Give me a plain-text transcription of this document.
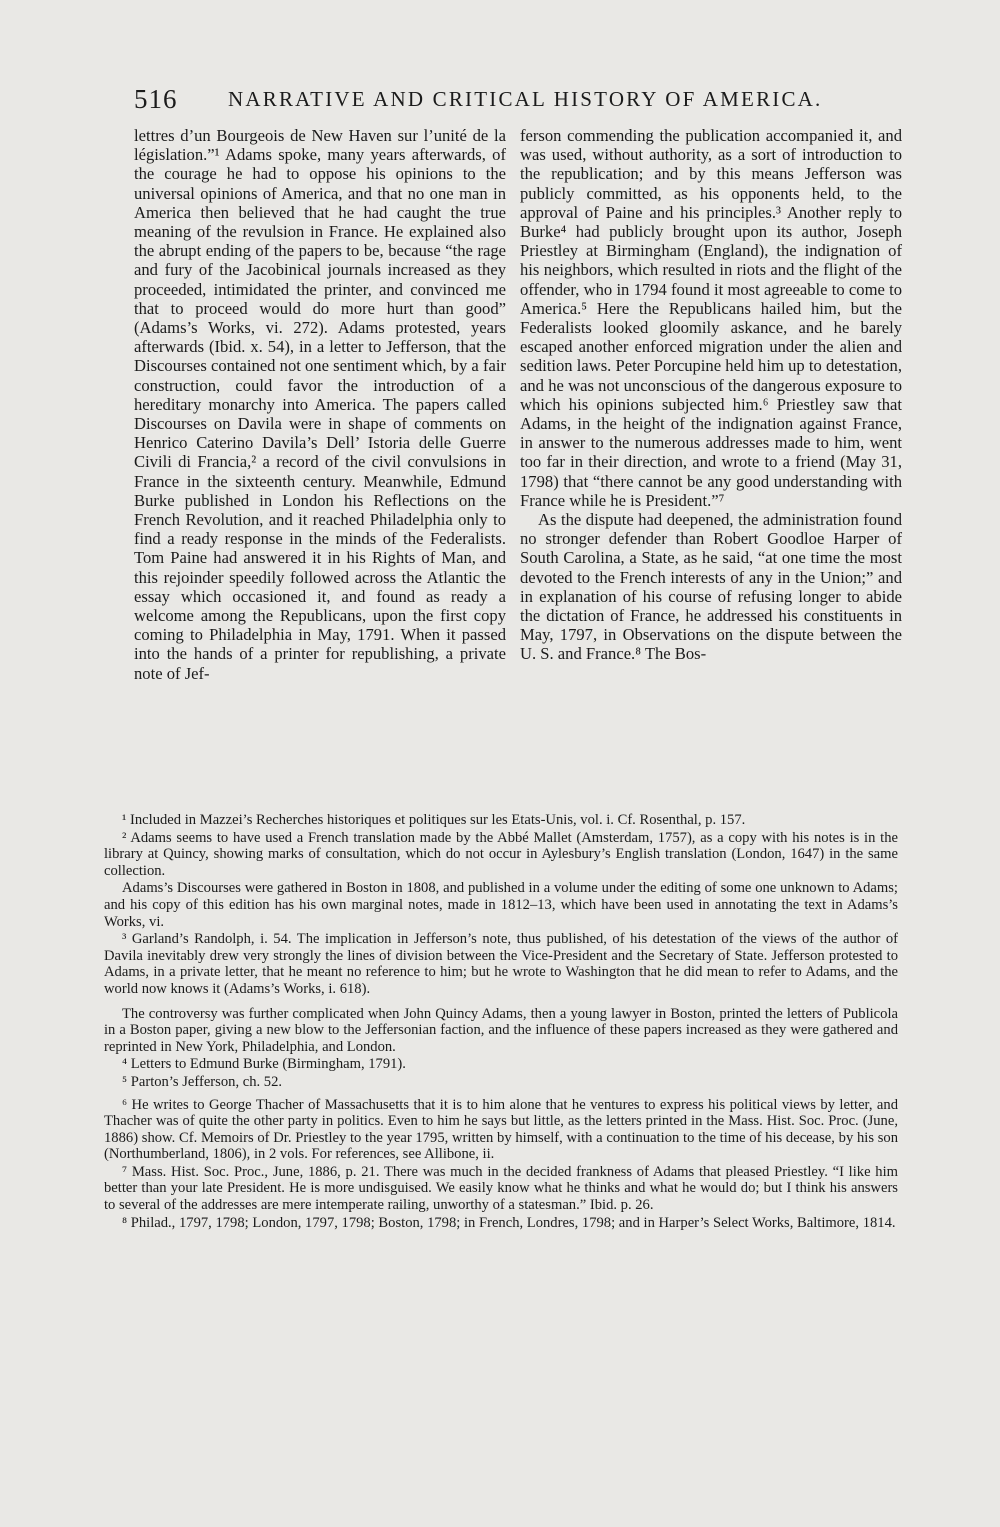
516 NARRATIVE AND CRITICAL HISTORY OF AMERICA.

lettres d’un Bourgeois de New Haven sur l’unité de la législation.”¹ Adams spoke, many years afterwards, of the courage he had to oppose his opinions to the universal opinions of America, and that no one man in America then believed that he had caught the true meaning of the revulsion in France. He explained also the abrupt ending of the papers to be, because “the rage and fury of the Jacobinical journals increased as they proceeded, intimidated the printer, and convinced me that to proceed would do more hurt than good” (Adams’s Works, vi. 272). Adams protested, years afterwards (Ibid. x. 54), in a letter to Jefferson, that the Discourses contained not one sentiment which, by a fair construction, could favor the introduction of a hereditary monarchy into America. The papers called Discourses on Davila were in shape of comments on Henrico Caterino Davila’s Dell’ Istoria delle Guerre Civili di Francia,² a record of the civil convulsions in France in the sixteenth century. Meanwhile, Edmund Burke published in London his Reflections on the French Revolution, and it reached Philadelphia only to find a ready response in the minds of the Federalists. Tom Paine had answered it in his Rights of Man, and this rejoinder speedily followed across the Atlantic the essay which occasioned it, and found as ready a welcome among the Republicans, upon the first copy coming to Philadelphia in May, 1791. When it passed into the hands of a printer for republishing, a private note of Jef-

ferson commending the publication accompanied it, and was used, without authority, as a sort of introduction to the republication; and by this means Jefferson was publicly committed, as his opponents held, to the approval of Paine and his principles.³ Another reply to Burke⁴ had publicly brought upon its author, Joseph Priestley at Birmingham (England), the indignation of his neighbors, which resulted in riots and the flight of the offender, who in 1794 found it most agreeable to come to America.⁵ Here the Republicans hailed him, but the Federalists looked gloomily askance, and he barely escaped another enforced migration under the alien and sedition laws. Peter Porcupine held him up to detestation, and he was not unconscious of the dangerous exposure to which his opinions subjected him.⁶ Priestley saw that Adams, in the height of the indignation against France, in answer to the numerous addresses made to him, went too far in their direction, and wrote to a friend (May 31, 1798) that “there cannot be any good understanding with France while he is President.”⁷

As the dispute had deepened, the administration found no stronger defender than Robert Goodloe Harper of South Carolina, a State, as he said, “at one time the most devoted to the French interests of any in the Union;” and in explanation of his course of refusing longer to abide the dictation of France, he addressed his constituents in May, 1797, in Observations on the dispute between the U. S. and France.⁸ The Bos-

¹ Included in Mazzei’s Recherches historiques et politiques sur les Etats-Unis, vol. i. Cf. Rosenthal, p. 157.

² Adams seems to have used a French translation made by the Abbé Mallet (Amsterdam, 1757), as a copy with his notes is in the library at Quincy, showing marks of consultation, which do not occur in Aylesbury’s English translation (London, 1647) in the same collection.

Adams’s Discourses were gathered in Boston in 1808, and published in a volume under the editing of some one unknown to Adams; and his copy of this edition has his own marginal notes, made in 1812–13, which have been used in annotating the text in Adams’s Works, vi.

³ Garland’s Randolph, i. 54. The implication in Jefferson’s note, thus published, of his detestation of the views of the author of Davila inevitably drew very strongly the lines of division between the Vice-President and the Secretary of State. Jefferson protested to Adams, in a private letter, that he meant no reference to him; but he wrote to Washington that he did mean to refer to Adams, and the world now knows it (Adams’s Works, i. 618).

The controversy was further complicated when John Quincy Adams, then a young lawyer in Boston, printed the letters of Publicola in a Boston paper, giving a new blow to the Jeffersonian faction, and the influence of these papers increased as they were gathered and reprinted in New York, Philadelphia, and London.

⁴ Letters to Edmund Burke (Birmingham, 1791).

⁵ Parton’s Jefferson, ch. 52.

⁶ He writes to George Thacher of Massachusetts that it is to him alone that he ventures to express his political views by letter, and Thacher was of quite the other party in politics. Even to him he says but little, as the letters printed in the Mass. Hist. Soc. Proc. (June, 1886) show. Cf. Memoirs of Dr. Priestley to the year 1795, written by himself, with a continuation to the time of his decease, by his son (Northumberland, 1806), in 2 vols. For references, see Allibone, ii.

⁷ Mass. Hist. Soc. Proc., June, 1886, p. 21. There was much in the decided frankness of Adams that pleased Priestley. “I like him better than your late President. He is more undisguised. We easily know what he thinks and what he would do; but I think his answers to several of the addresses are mere intemperate railing, unworthy of a statesman.” Ibid. p. 26.

⁸ Philad., 1797, 1798; London, 1797, 1798; Boston, 1798; in French, Londres, 1798; and in Harper’s Select Works, Baltimore, 1814.
